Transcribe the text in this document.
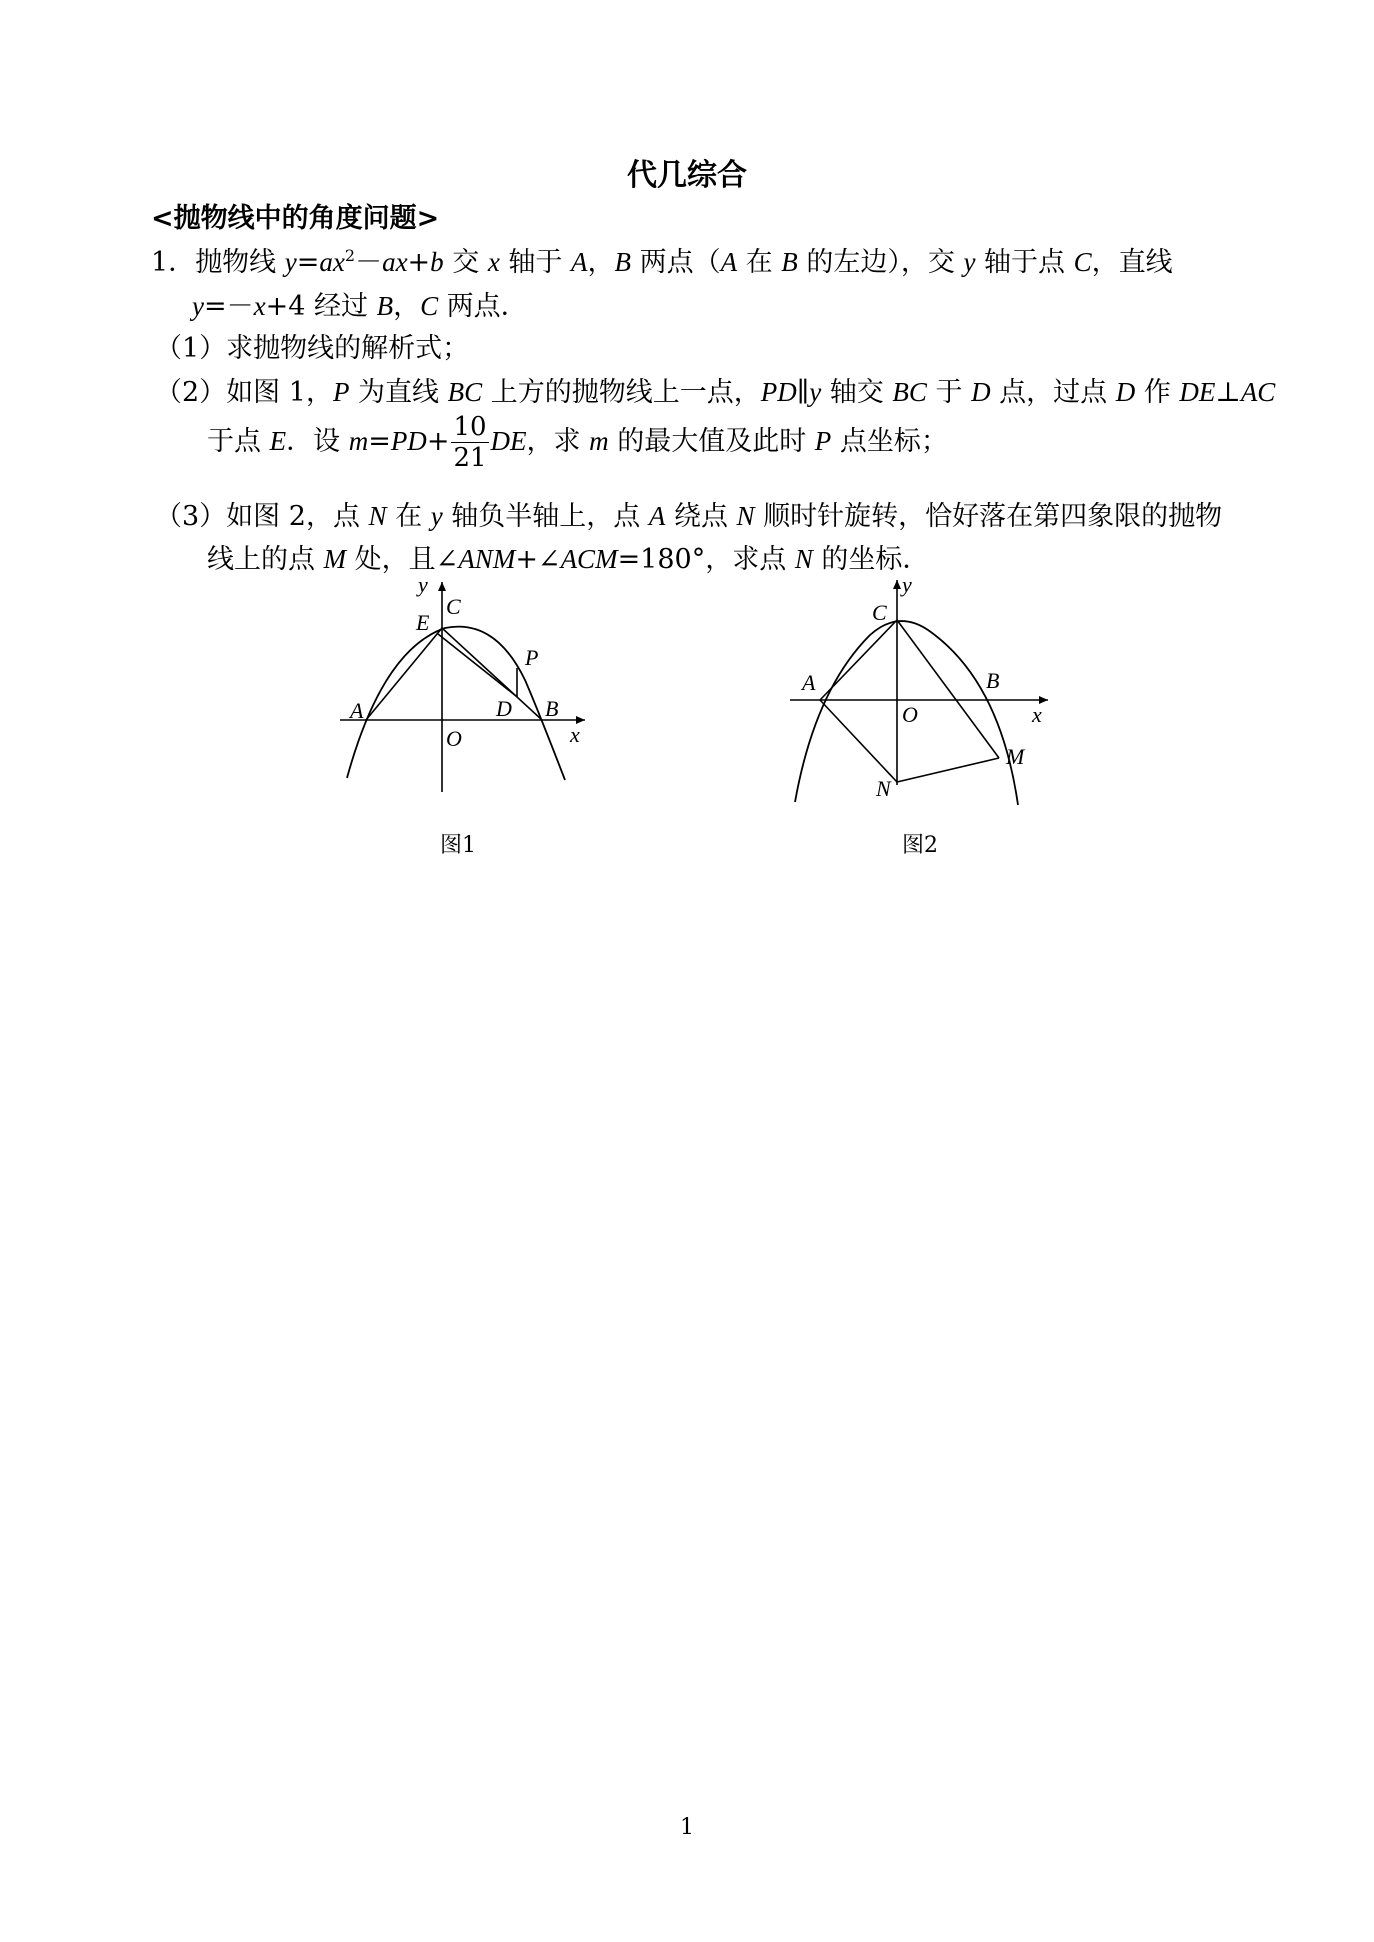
代几综合
<抛物线中的角度问题>
1．抛物线 $y=ax^2-ax+b$ 交 x 轴于 A，B 两点（A 在 B 的左边），交 y 轴于点 C，直线
y=－x+4 经过 B，C 两点．
（1）求抛物线的解析式；
（2）如图 1，P 为直线 BC 上方的抛物线上一点，PD∥y 轴交 BC 于 D 点，过点 D 作 DE⊥AC
于点 E．设 $m=PD+ \frac{10}{21}$ DE，求 m 的最大值及此时 P 点坐标；
（3）如图 2，点 N 在 y 轴负半轴上，点 A 绕点 N 顺时针旋转，恰好落在第四象限的抛物
线上的点 M 处，且∠ANM+∠ACM=180°，求点 N 的坐标．
y
x
E
C
P
A	D B
O
图1
y
x
C
A	B
O
M
N
图2
1
